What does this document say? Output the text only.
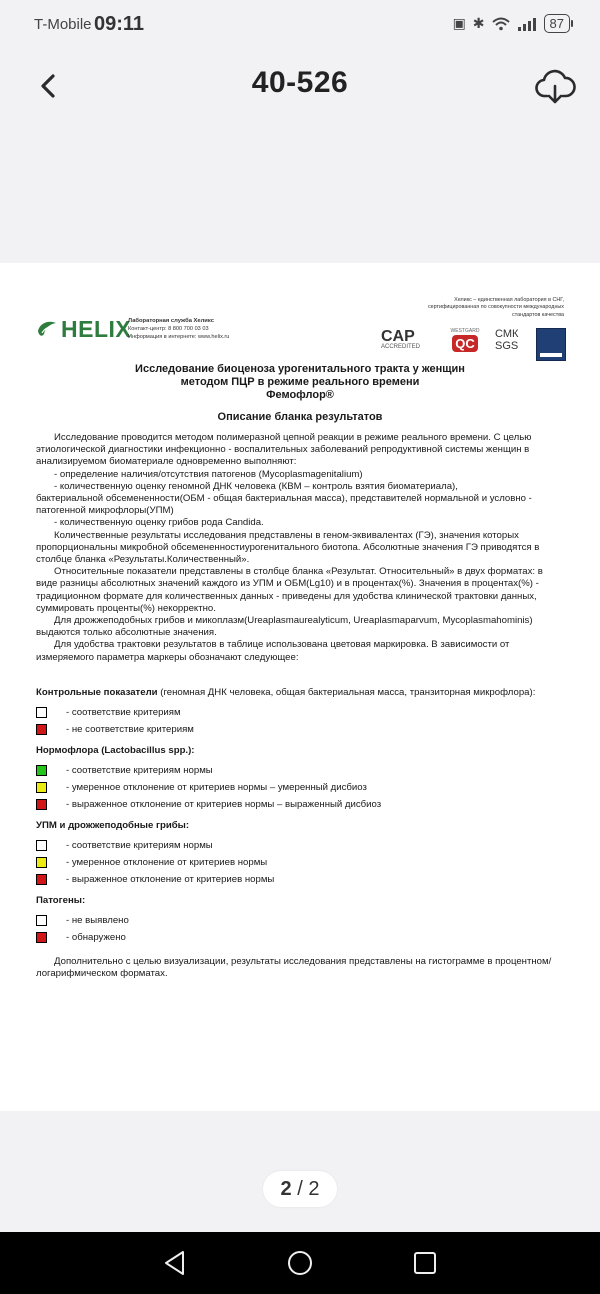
T-Mobile 09:11	▣ ✱	87
40-526
HELIX
Лабораторная служба Хеликс
Контакт-центр: 8 800 700 03 03
Информация в интернете: www.helix.ru
Хеликс – единственная лаборатория в СНГ,
сертифицированная по совокупности международных
стандартов качества
CAP
ACCREDITED
WESTGARD
QC
СМК
SGS
Исследование биоценоза урогенитального тракта у женщин
методом ПЦР в режиме реального времени
Фемофлор®
Описание бланка результатов

Исследование проводится методом полимеразной цепной реакции в режиме реального времени. С целью этиологической диагностики инфекционно - воспалительных заболеваний репродуктивной системы женщин в анализируемом биоматериале одновременно выполняют:

- определение наличия/отсутствия патогенов (Mycoplasmagenitalium)

- количественную оценку геномной ДНК человека (КВМ – контроль взятия биоматериала),

бактериальной обсемененности(ОБМ - общая бактериальная масса), представителей нормальной и условно - патогенной микрофлоры(УПМ)

- количественную оценку грибов рода Candida.

Количественные результаты исследования представлены в геном-эквивалентах (ГЭ), значения которых пропорциональны микробной обсемененностиурогенитального биотопа. Абсолютные значения ГЭ приводятся в столбце бланка «Результаты.Количественный».

Относительные показатели представлены в столбце бланка «Результат. Относительный» в двух форматах: в виде разницы абсолютных значений каждого из УПМ и ОБМ(Lg10) и в процентах(%). Значения в процентах(%) - традиционном формате для количественных данных - приведены для удобства клинической трактовки данных, суммировать проценты(%) некорректно.

Для дрожжеподобных грибов и микоплазм(Ureaplasmaurealyticum, Ureaplasmaparvum, Mycoplasmahominis) выдаются только абсолютные значения.

Для удобства трактовки результатов в таблице использована цветовая маркировка. В зависимости от измеряемого параметра маркеры обозначают следующее:

Контрольные показатели (геномная ДНК человека, общая бактериальная масса, транзиторная микрофлора):
- соответствие критериям
- не соответствие критериям
Нормофлора (Lactobacillus spp.):
- соответствие критериям нормы
- умеренное отклонение от критериев нормы – умеренный дисбиоз
- выраженное отклонение от критериев нормы – выраженный дисбиоз
УПМ и дрожжеподобные грибы:
- соответствие критериям нормы
- умеренное отклонение от критериев нормы
- выраженное отклонение от критериев нормы
Патогены:
- не выявлено
- обнаружено

Дополнительно с целью визуализации, результаты исследования представлены на гистограмме в процентном/логарифмическом форматах.

2 / 2
